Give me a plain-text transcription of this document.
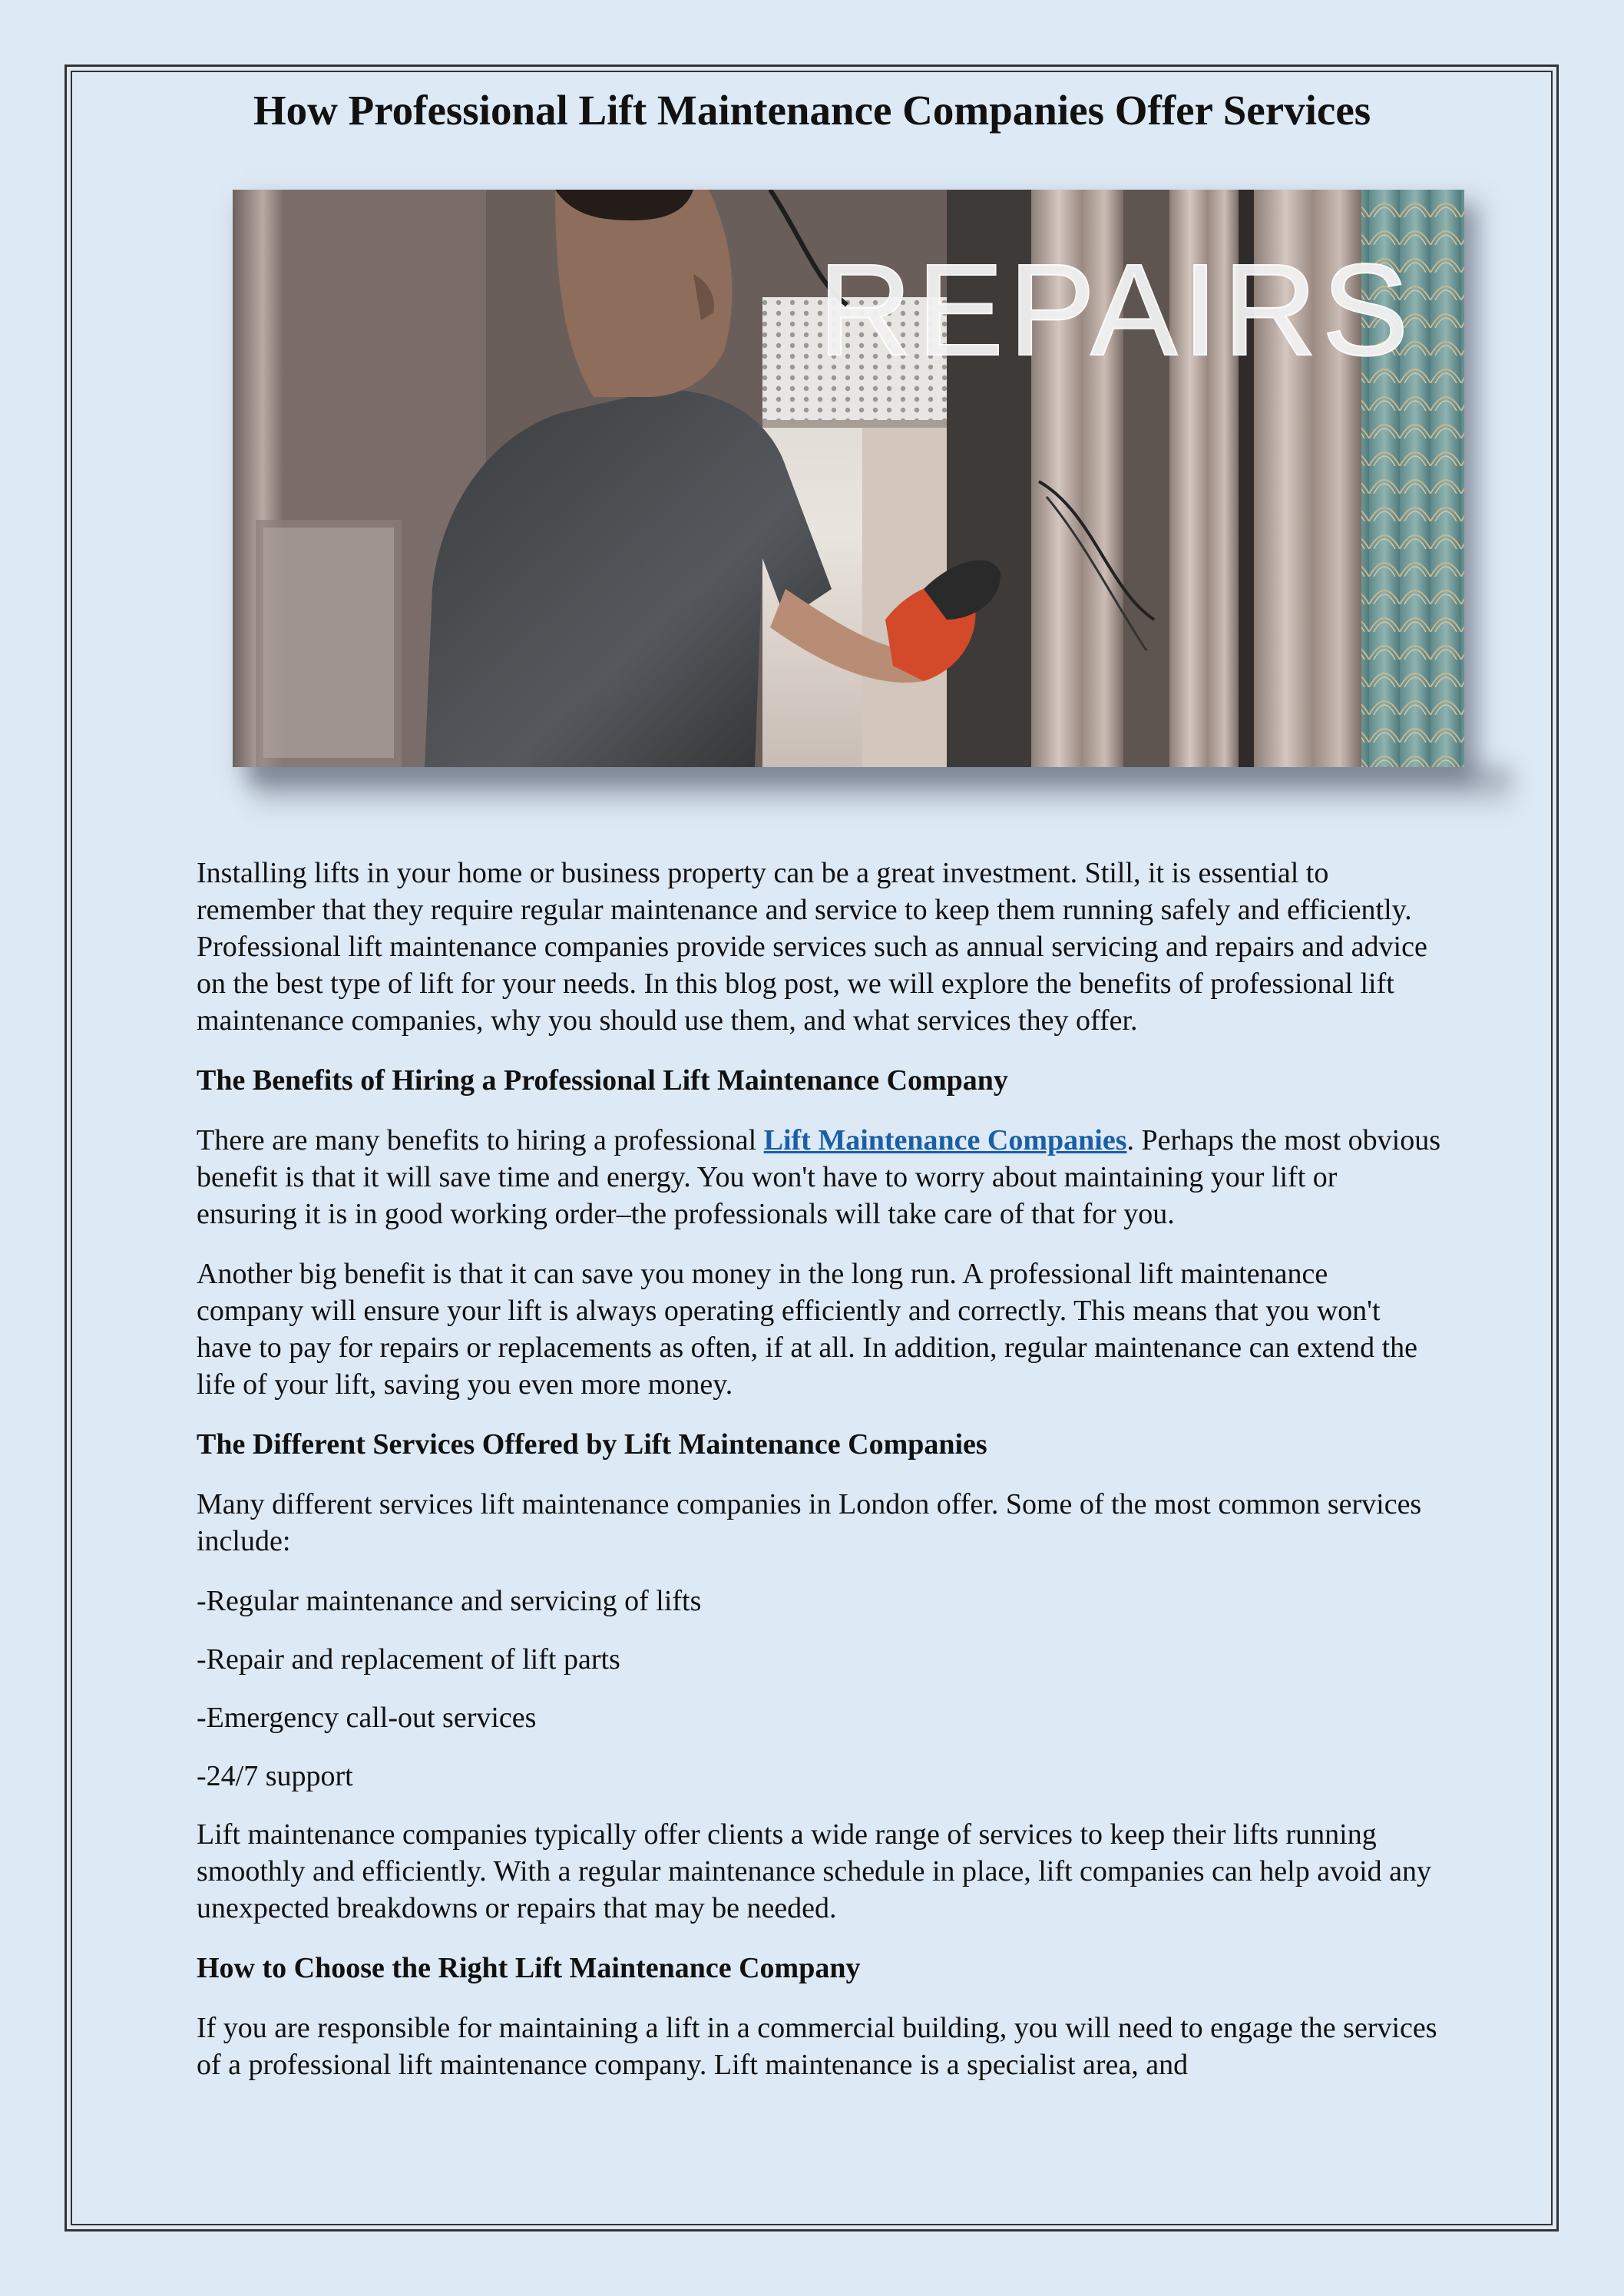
How Professional Lift Maintenance Companies Offer Services
REPAIRS

Installing lifts in your home or business property can be a great investment. Still, it is essential to remember that they require regular maintenance and service to keep them running safely and efficiently. Professional lift maintenance companies provide services such as annual servicing and repairs and advice on the best type of lift for your needs. In this blog post, we will explore the benefits of professional lift maintenance companies, why you should use them, and what services they offer.

The Benefits of Hiring a Professional Lift Maintenance Company

There are many benefits to hiring a professional Lift Maintenance Companies. Perhaps the most obvious benefit is that it will save time and energy. You won't have to worry about maintaining your lift or ensuring it is in good working order–the professionals will take care of that for you.

Another big benefit is that it can save you money in the long run. A professional lift maintenance company will ensure your lift is always operating efficiently and correctly. This means that you won't have to pay for repairs or replacements as often, if at all. In addition, regular maintenance can extend the life of your lift, saving you even more money.

The Different Services Offered by Lift Maintenance Companies

Many different services lift maintenance companies in London offer. Some of the most common services include:

-Regular maintenance and servicing of lifts

-Repair and replacement of lift parts

-Emergency call-out services

-24/7 support

Lift maintenance companies typically offer clients a wide range of services to keep their lifts running smoothly and efficiently. With a regular maintenance schedule in place, lift companies can help avoid any unexpected breakdowns or repairs that may be needed.

How to Choose the Right Lift Maintenance Company

If you are responsible for maintaining a lift in a commercial building, you will need to engage the services of a professional lift maintenance company. Lift maintenance is a specialist area, and
